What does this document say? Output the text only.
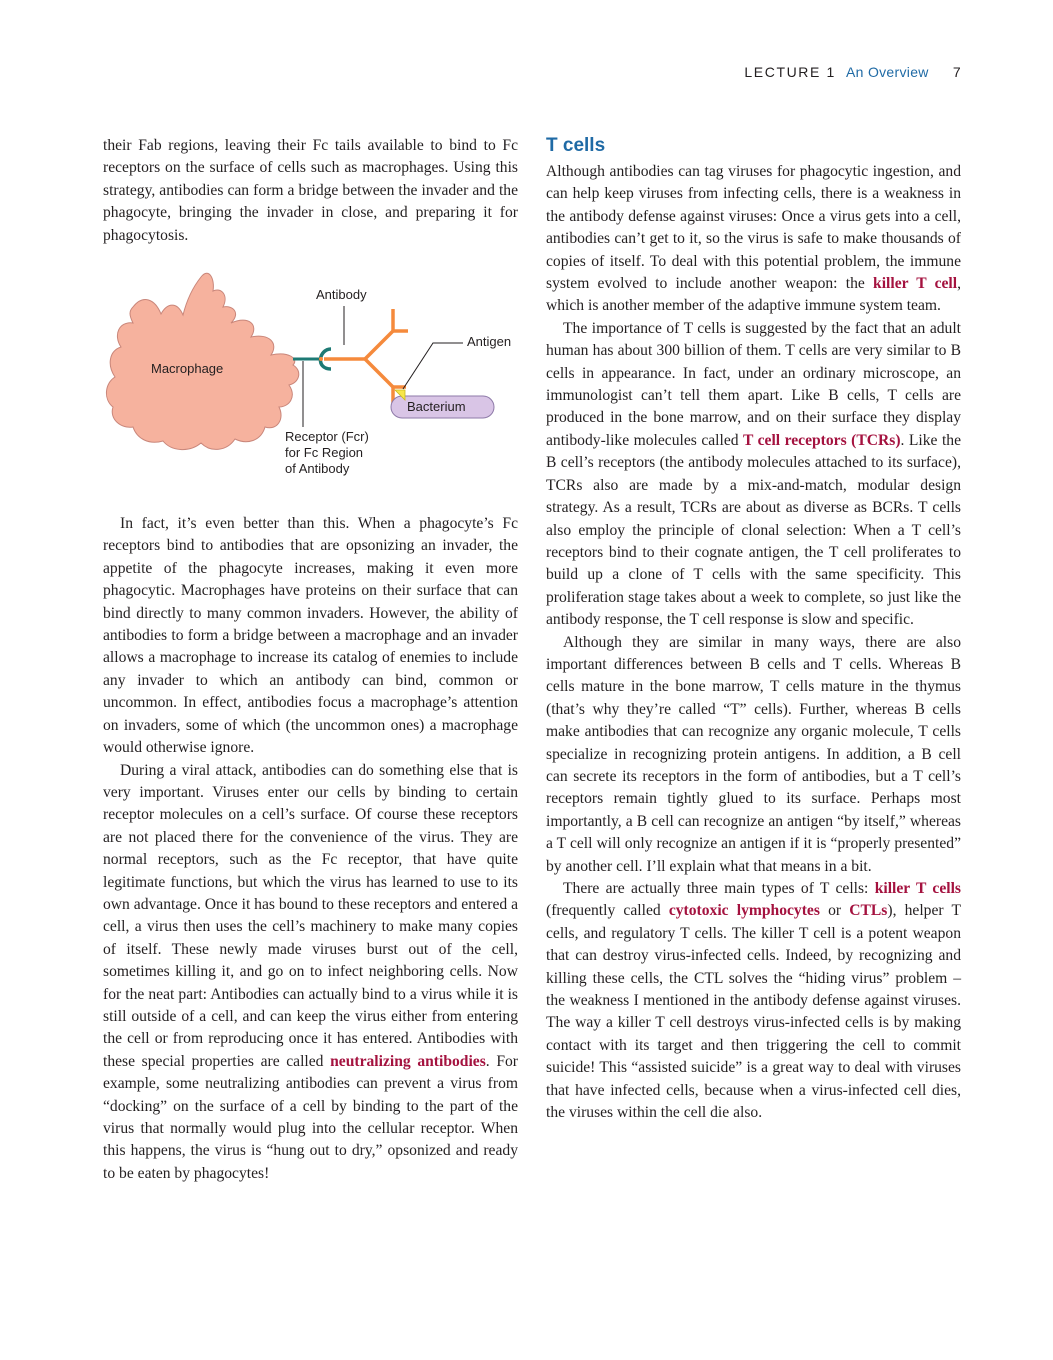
LECTURE 1 An Overview 7

their Fab regions, leaving their Fc tails available to bind to Fc receptors on the surface of cells such as macrophages. Using this strategy, antibodies can form a bridge between the invader and the phagocyte, bringing the invader in close, and preparing it for phagocytosis.

Antibody
Antigen
Macrophage
Bacterium
Receptor (Fcr)
for Fc Region
of Antibody

In fact, it’s even better than this. When a phagocyte’s Fc receptors bind to antibodies that are opsonizing an invader, the appetite of the phagocyte increases, making it even more phagocytic. Macrophages have proteins on their surface that can bind directly to many common invaders. However, the ability of antibodies to form a bridge between a macrophage and an invader allows a macrophage to increase its catalog of enemies to include any invader to which an antibody can bind, common or uncommon. In effect, antibodies focus a macrophage’s attention on invaders, some of which (the uncommon ones) a macrophage would otherwise ignore.

During a viral attack, antibodies can do something else that is very important. Viruses enter our cells by binding to certain receptor molecules on a cell’s surface. Of course these receptors are not placed there for the convenience of the virus. They are normal receptors, such as the Fc receptor, that have quite legitimate functions, but which the virus has learned to use to its own advantage. Once it has bound to these receptors and entered a cell, a virus then uses the cell’s machinery to make many copies of itself. These newly made viruses burst out of the cell, sometimes killing it, and go on to infect neighboring cells. Now for the neat part: Antibodies can actually bind to a virus while it is still outside of a cell, and can keep the virus either from entering the cell or from reproducing once it has entered. Antibodies with these special properties are called neutralizing antibodies. For example, some neutralizing antibodies can prevent a virus from “docking” on the surface of a cell by binding to the part of the virus that normally would plug into the cellular receptor. When this happens, the virus is “hung out to dry,” opsonized and ready to be eaten by phagocytes!

T cells

Although antibodies can tag viruses for phagocytic ingestion, and can help keep viruses from infecting cells, there is a weakness in the antibody defense against viruses: Once a virus gets into a cell, antibodies can’t get to it, so the virus is safe to make thousands of copies of itself. To deal with this potential problem, the immune system evolved to include another weapon: the killer T cell, which is another member of the adaptive immune system team.

The importance of T cells is suggested by the fact that an adult human has about 300 billion of them. T cells are very similar to B cells in appearance. In fact, under an ordinary microscope, an immunologist can’t tell them apart. Like B cells, T cells are produced in the bone marrow, and on their surface they display antibody-like molecules called T cell receptors (TCRs). Like the B cell’s receptors (the antibody molecules attached to its surface), TCRs also are made by a mix-and-match, modular design strategy. As a result, TCRs are about as diverse as BCRs. T cells also employ the principle of clonal selection: When a T cell’s receptors bind to their cognate antigen, the T cell proliferates to build up a clone of T cells with the same specificity. This proliferation stage takes about a week to complete, so just like the antibody response, the T cell response is slow and specific.

Although they are similar in many ways, there are also important differences between B cells and T cells. Whereas B cells mature in the bone marrow, T cells mature in the thymus (that’s why they’re called “T” cells). Further, whereas B cells make antibodies that can recognize any organic molecule, T cells specialize in recognizing protein antigens. In addition, a B cell can secrete its receptors in the form of antibodies, but a T cell’s receptors remain tightly glued to its surface. Perhaps most importantly, a B cell can recognize an antigen “by itself,” whereas a T cell will only recognize an antigen if it is “properly presented” by another cell. I’ll explain what that means in a bit.

There are actually three main types of T cells: killer T cells (frequently called cytotoxic lymphocytes or CTLs), helper T cells, and regulatory T cells. The killer T cell is a potent weapon that can destroy virus-infected cells. Indeed, by recognizing and killing these cells, the CTL solves the “hiding virus” problem – the weakness I mentioned in the antibody defense against viruses. The way a killer T cell destroys virus-infected cells is by making contact with its target and then triggering the cell to commit suicide! This “assisted suicide” is a great way to deal with viruses that have infected cells, because when a virus-infected cell dies, the viruses within the cell die also.
